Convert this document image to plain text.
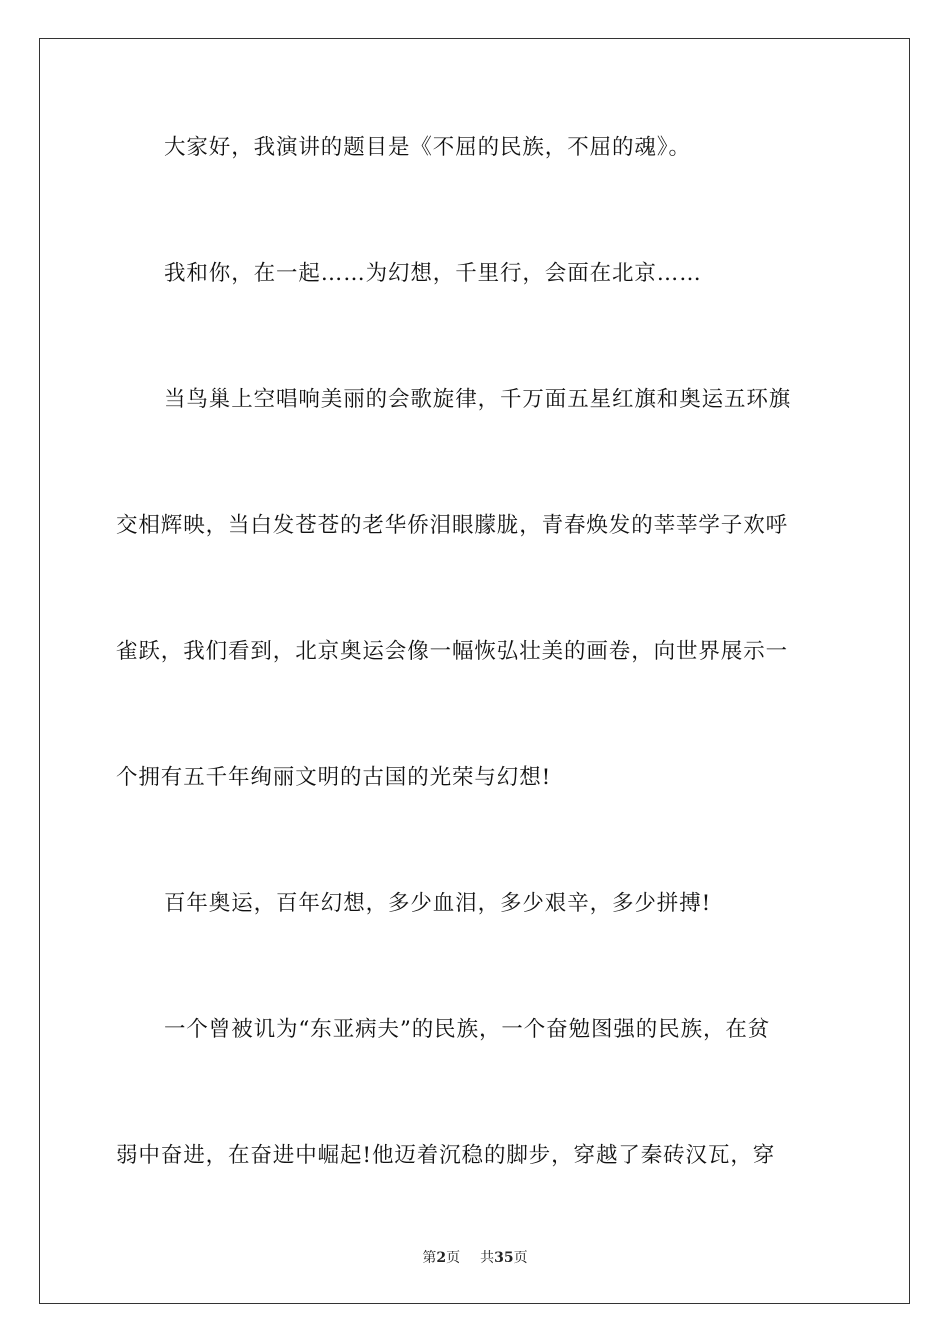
大家好，我演讲的题目是《不屈的民族，不屈的魂》。
我和你，在一起……为幻想，千里行，会面在北京……
当鸟巢上空唱响美丽的会歌旋律，千万面五星红旗和奥运五环旗
交相辉映，当白发苍苍的老华侨泪眼朦胧，青春焕发的莘莘学子欢呼
雀跃，我们看到，北京奥运会像一幅恢弘壮美的画卷，向世界展示一
个拥有五千年绚丽文明的古国的光荣与幻想!
百年奥运，百年幻想，多少血泪，多少艰辛，多少拼搏!
一个曾被讥为“东亚病夫”的民族，一个奋勉图强的民族，在贫
弱中奋进，在奋进中崛起!他迈着沉稳的脚步，穿越了秦砖汉瓦，穿
第2页 共35页
